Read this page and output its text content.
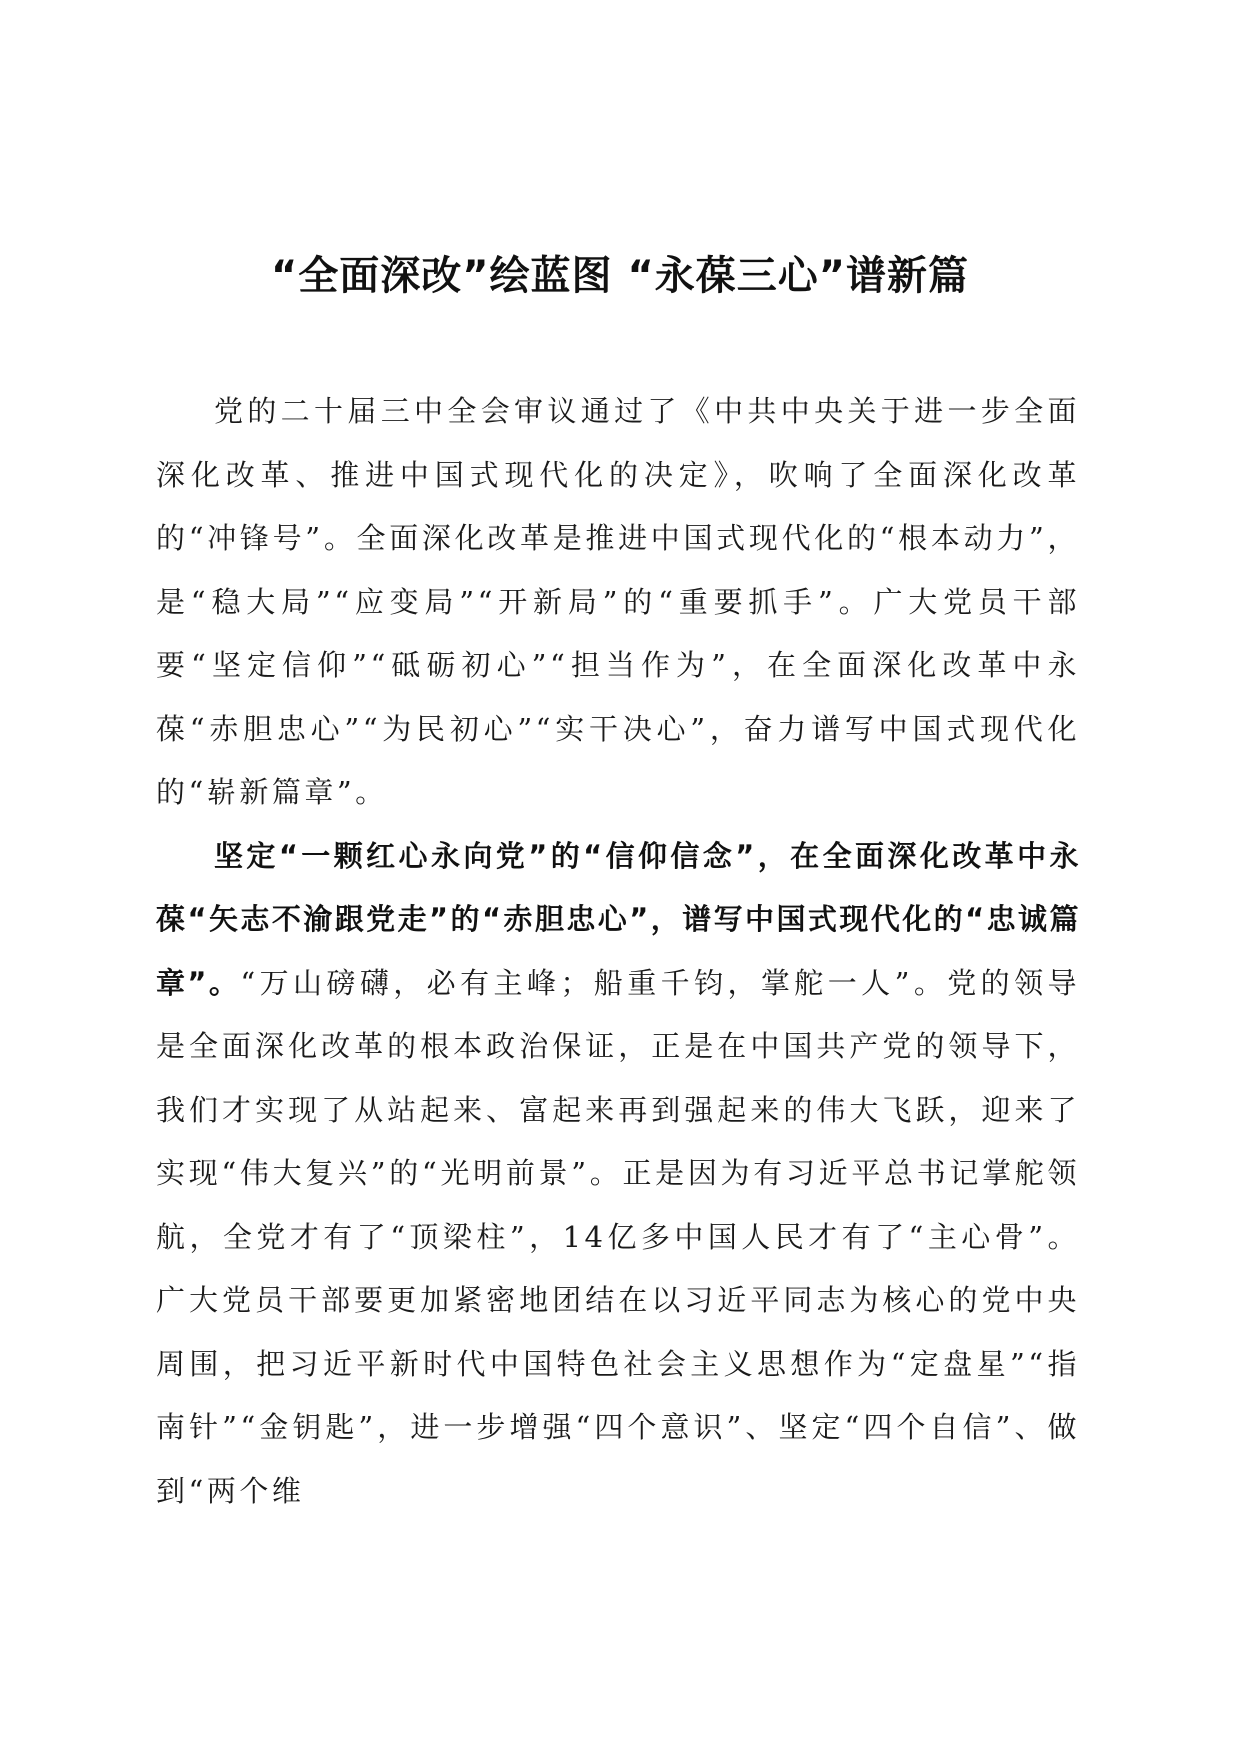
“全面深改”绘蓝图 “永葆三心”谱新篇

党的二十届三中全会审议通过了《中共中央关于进一步全面深化改革、推进中国式现代化的决定》，吹响了全面深化改革的“冲锋号”。全面深化改革是推进中国式现代化的“根本动力”，是“稳大局”“应变局”“开新局”的“重要抓手”。广大党员干部要“坚定信仰”“砥砺初心”“担当作为”，在全面深化改革中永葆“赤胆忠心”“为民初心”“实干决心”，奋力谱写中国式现代化的“崭新篇章”。

坚定“一颗红心永向党”的“信仰信念”，在全面深化改革中永葆“矢志不渝跟党走”的“赤胆忠心”，谱写中国式现代化的“忠诚篇章”。“万山磅礴，必有主峰；船重千钧，掌舵一人”。党的领导是全面深化改革的根本政治保证，正是在中国共产党的领导下，我们才实现了从站起来、富起来再到强起来的伟大飞跃，迎来了实现“伟大复兴”的“光明前景”。正是因为有习近平总书记掌舵领航，全党才有了“顶梁柱”，14亿多中国人民才有了“主心骨”。广大党员干部要更加紧密地团结在以习近平同志为核心的党中央周围，把习近平新时代中国特色社会主义思想作为“定盘星”“指南针”“金钥匙”，进一步增强“四个意识”、坚定“四个自信”、做到“两个维
